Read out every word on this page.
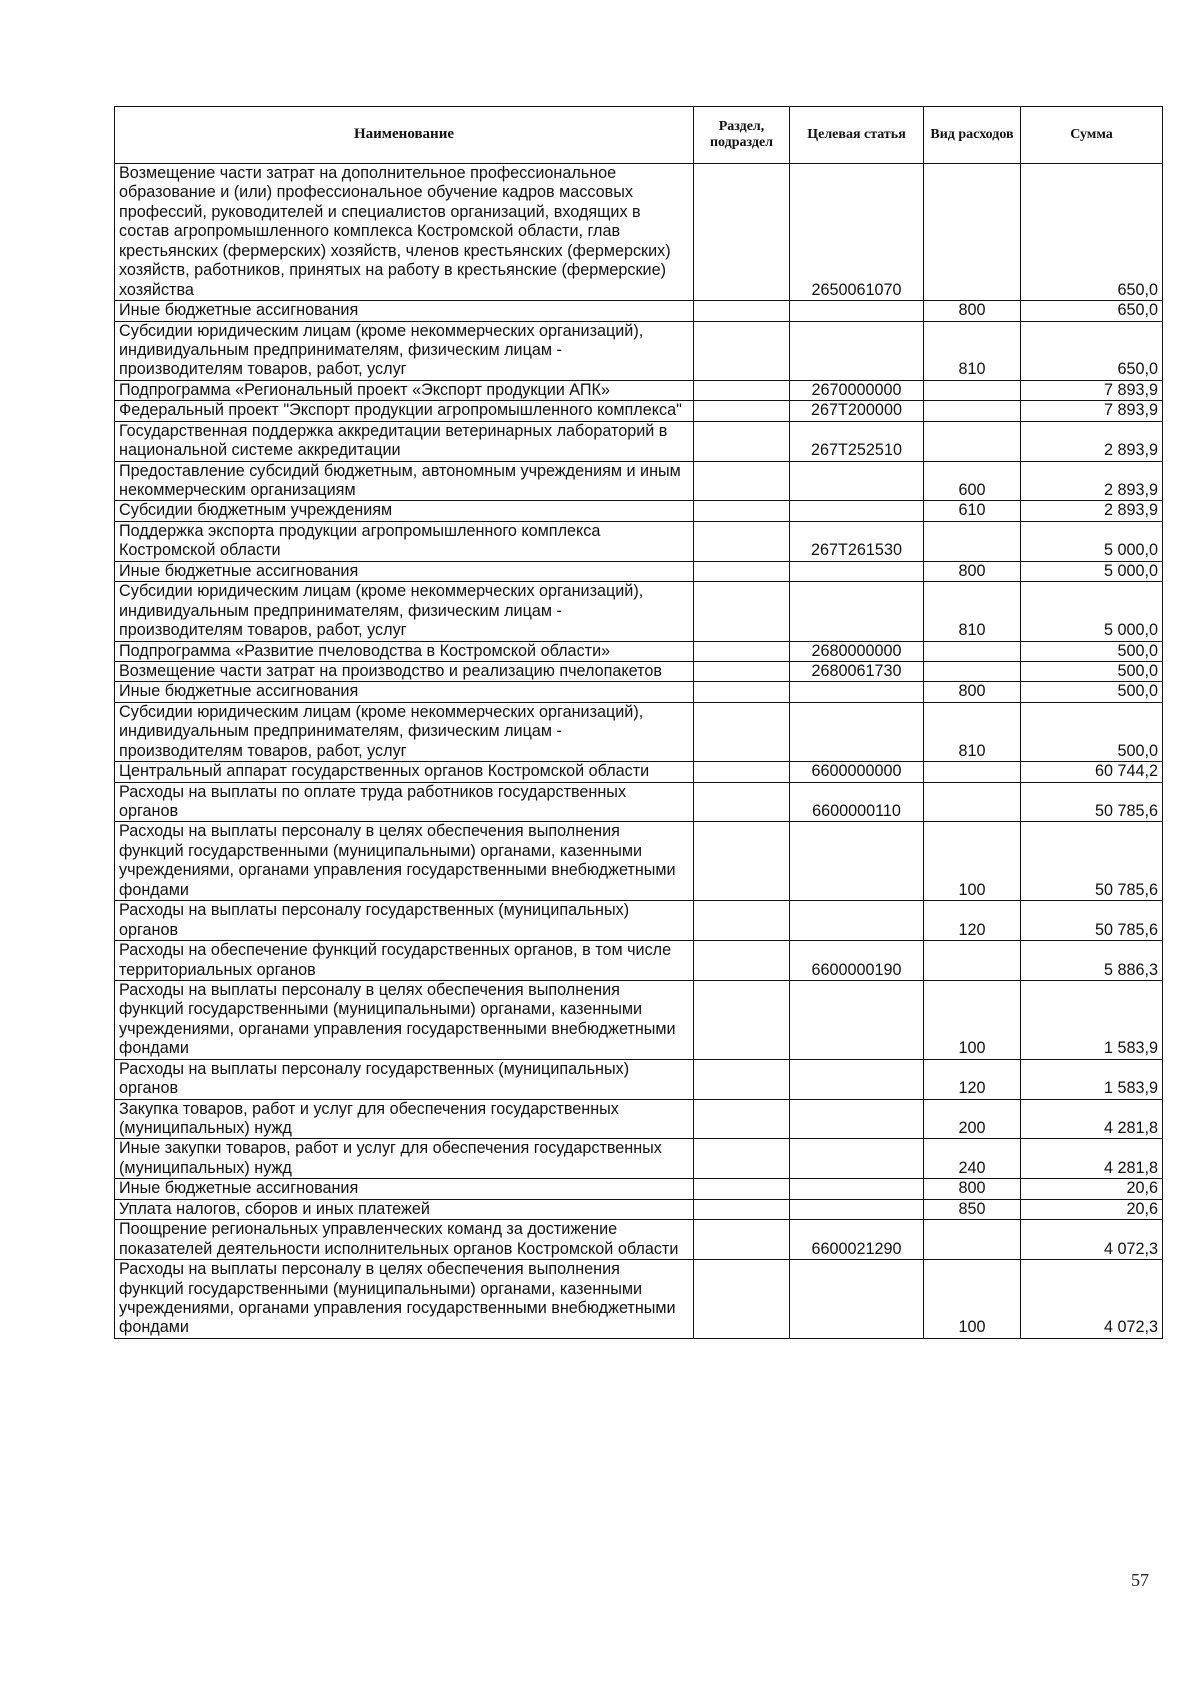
Наименование	Раздел, подраздел	Целевая статья	Вид расходов	Сумма
Возмещение части затрат на дополнительное профессиональное образование и (или) профессиональное обучение кадров массовых профессий, руководителей и специалистов организаций, входящих в состав агропромышленного комплекса Костромской области, глав крестьянских (фермерских) хозяйств, членов крестьянских (фермерских) хозяйств, работников, принятых на работу в крестьянские (фермерские) хозяйства		2650061070		650,0
Иные бюджетные ассигнования			800	650,0
Субсидии юридическим лицам (кроме некоммерческих организаций), индивидуальным предпринимателям, физическим лицам - производителям товаров, работ, услуг			810	650,0
Подпрограмма «Региональный проект «Экспорт продукции АПК»		2670000000		7 893,9
Федеральный проект "Экспорт продукции агропромышленного комплекса"		267T200000		7 893,9
Государственная поддержка аккредитации ветеринарных лабораторий в национальной системе аккредитации		267T252510		2 893,9
Предоставление субсидий бюджетным, автономным учреждениям и иным некоммерческим организациям			600	2 893,9
Субсидии бюджетным учреждениям			610	2 893,9
Поддержка экспорта продукции агропромышленного комплекса Костромской области		267T261530		5 000,0
Иные бюджетные ассигнования			800	5 000,0
Субсидии юридическим лицам (кроме некоммерческих организаций), индивидуальным предпринимателям, физическим лицам - производителям товаров, работ, услуг			810	5 000,0
Подпрограмма «Развитие пчеловодства в Костромской области»		2680000000		500,0
Возмещение части затрат на производство и реализацию пчелопакетов		2680061730		500,0
Иные бюджетные ассигнования			800	500,0
Субсидии юридическим лицам (кроме некоммерческих организаций), индивидуальным предпринимателям, физическим лицам - производителям товаров, работ, услуг			810	500,0
Центральный аппарат государственных органов Костромской области		6600000000		60 744,2
Расходы на выплаты по оплате труда работников государственных органов		6600000110		50 785,6
Расходы на выплаты персоналу в целях обеспечения выполнения функций государственными (муниципальными) органами, казенными учреждениями, органами управления государственными внебюджетными фондами			100	50 785,6
Расходы на выплаты персоналу государственных (муниципальных) органов			120	50 785,6
Расходы на обеспечение функций государственных органов, в том числе территориальных органов		6600000190		5 886,3
Расходы на выплаты персоналу в целях обеспечения выполнения функций государственными (муниципальными) органами, казенными учреждениями, органами управления государственными внебюджетными фондами			100	1 583,9
Расходы на выплаты персоналу государственных (муниципальных) органов			120	1 583,9
Закупка товаров, работ и услуг для обеспечения государственных (муниципальных) нужд			200	4 281,8
Иные закупки товаров, работ и услуг для обеспечения государственных (муниципальных) нужд			240	4 281,8
Иные бюджетные ассигнования			800	20,6
Уплата налогов, сборов и иных платежей			850	20,6
Поощрение региональных управленческих команд за достижение показателей деятельности исполнительных органов Костромской области		6600021290		4 072,3
Расходы на выплаты персоналу в целях обеспечения выполнения функций государственными (муниципальными) органами, казенными учреждениями, органами управления государственными внебюджетными фондами			100	4 072,3
57
